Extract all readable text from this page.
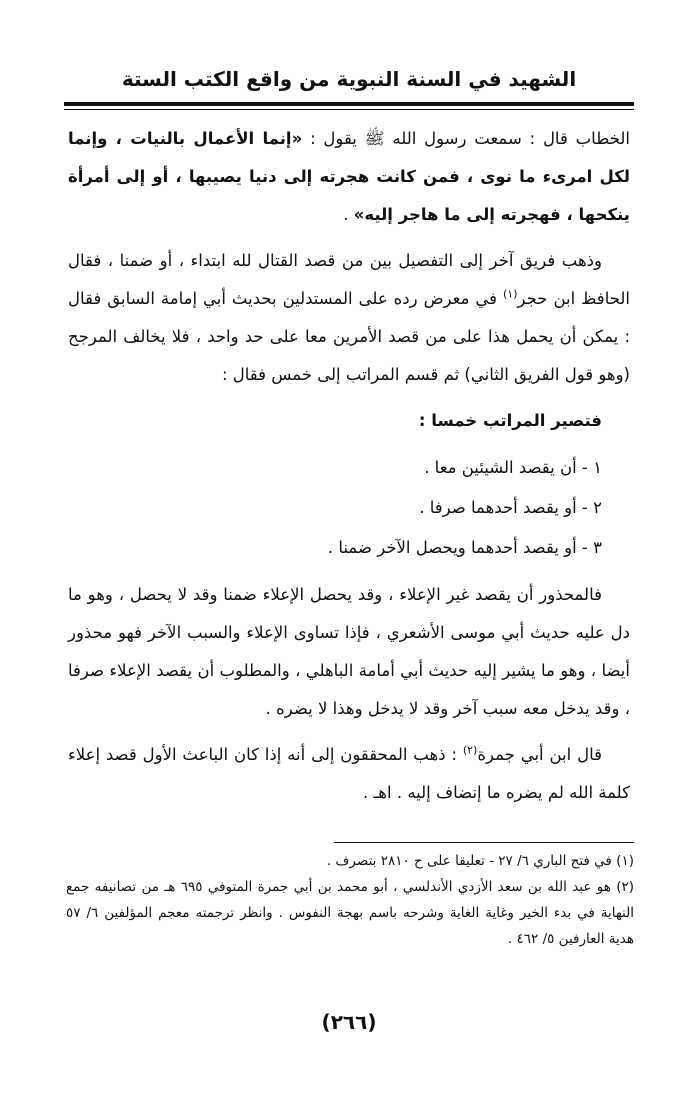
الشهيد في السنة النبوية من واقع الكتب الستة

الخطاب قال : سمعت رسول الله ﷺ يقول : «إنما الأعمال بالنيات ، وإنما لكل امرىء ما نوى ، فمن كانت هجرته إلى دنيا يصيبها ، أو إلى أمرأة ينكحها ، فهجرته إلى ما هاجر إليه» .

وذهب فريق آخر إلى التفصيل بين من قصد القتال لله ابتداء ، أو ضمنا ، فقال الحافظ ابن حجر$^{(١)}$ في معرض رده على المستدلين بحديث أبي إمامة السابق فقال : يمكن أن يحمل هذا على من قصد الأمرين معا على حد واحد ، فلا يخالف المرجح (وهو قول الفريق الثاني) ثم قسم المراتب إلى خمس فقال :

فتصير المراتب خمسا :

١ - أن يقصد الشيئين معا .
٢ - أو يقصد أحدهما صرفا .
٣ - أو يقصد أحدهما ويحصل الآخر ضمنا .

فالمحذور أن يقصد غير الإعلاء ، وقد يحصل الإعلاء ضمنا وقد لا يحصل ، وهو ما دل عليه حديث أبي موسى الأشعري ، فإذا تساوى الإعلاء والسبب الآخر فهو محذور أيضا ، وهو ما يشير إليه حديث أبي أمامة الباهلي ، والمطلوب أن يقصد الإعلاء صرفا ، وقد يدخل معه سبب آخر وقد لا يدخل وهذا لا يضره .

قال ابن أبي جمرة$^{(٢)}$ : ذهب المحققون إلى أنه إذا كان الباعث الأول قصد إعلاء كلمة الله لم يضره ما إنضاف إليه . اهـ .

(١) في فتح الباري ٦/ ٢٧ - تعليقا على ح ٢٨١٠ بتصرف .

(٢) هو عبد الله بن سعد الأزدي الأندلسي ، أبو محمد بن أبي جمرة المتوفي ٦٩٥ هـ من تصانيفه جمع النهاية في بدء الخير وغاية الغاية وشرحه باسم بهجة النفوس . وانظر ترجمته معجم المؤلفين ٦/ ٥٧ هدية العارفين ٥/ ٤٦٢ .

(٢٦٦)
